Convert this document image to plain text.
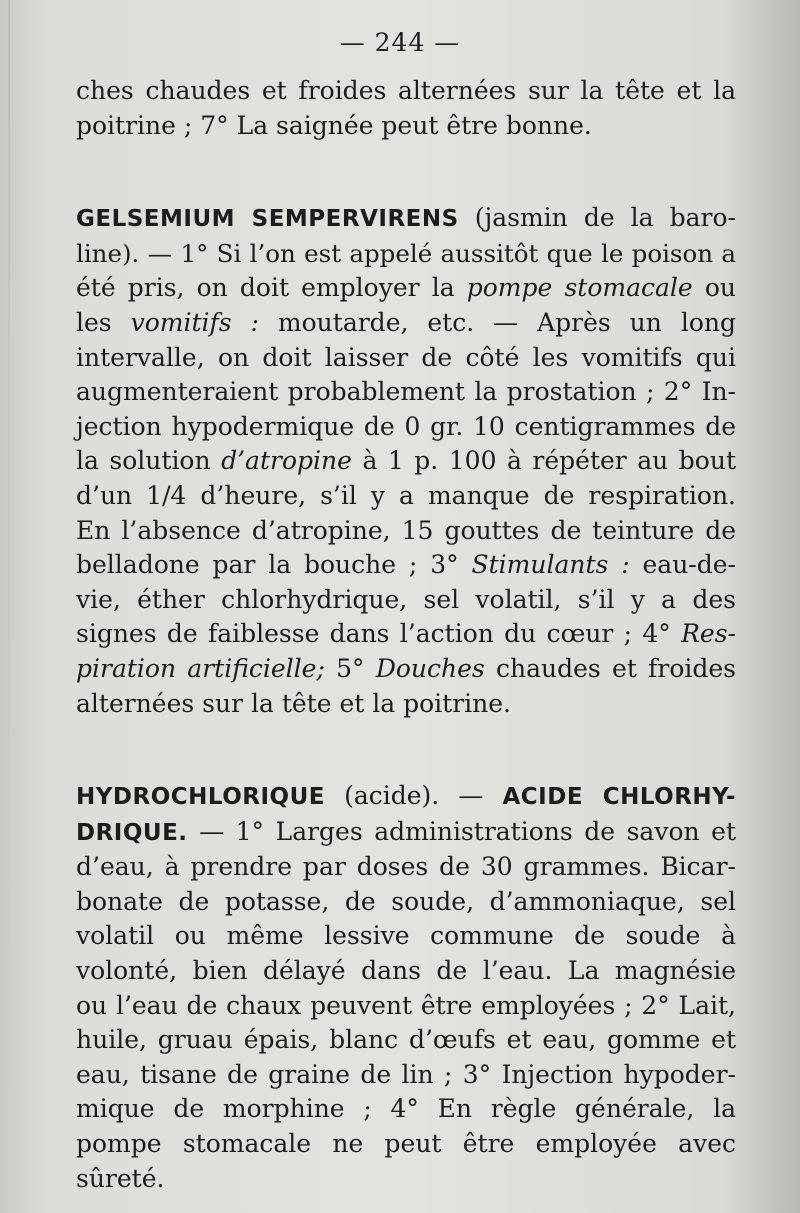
— 244 —
ches chaudes et froides alternées sur la tête et la
poitrine ; 7° La saignée peut être bonne.
GELSEMIUM SEMPERVIRENS (jasmin de la baro-
line). — 1° Si l’on est appelé aussitôt que le poison a
été pris, on doit employer la pompe stomacale ou
les vomitifs : moutarde, etc. — Après un long
intervalle, on doit laisser de côté les vomitifs qui
augmenteraient probablement la prostation ; 2° In-
jection hypodermique de 0 gr. 10 centigrammes de
la solution d’atropine à 1 p. 100 à répéter au bout
d’un 1/4 d’heure, s’il y a manque de respiration.
En l’absence d’atropine, 15 gouttes de teinture de
belladone par la bouche ; 3° Stimulants : eau-de-
vie, éther chlorhydrique, sel volatil, s’il y a des
signes de faiblesse dans l’action du cœur ; 4° Res-
piration artificielle; 5° Douches chaudes et froides
alternées sur la tête et la poitrine.
HYDROCHLORIQUE (acide). — ACIDE CHLORHY-
DRIQUE. — 1° Larges administrations de savon et
d’eau, à prendre par doses de 30 grammes. Bicar-
bonate de potasse, de soude, d’ammoniaque, sel
volatil ou même lessive commune de soude à
volonté, bien délayé dans de l’eau. La magnésie
ou l’eau de chaux peuvent être employées ; 2° Lait,
huile, gruau épais, blanc d’œufs et eau, gomme et
eau, tisane de graine de lin ; 3° Injection hypoder-
mique de morphine ; 4° En règle générale, la
pompe stomacale ne peut être employée avec
sûreté.
